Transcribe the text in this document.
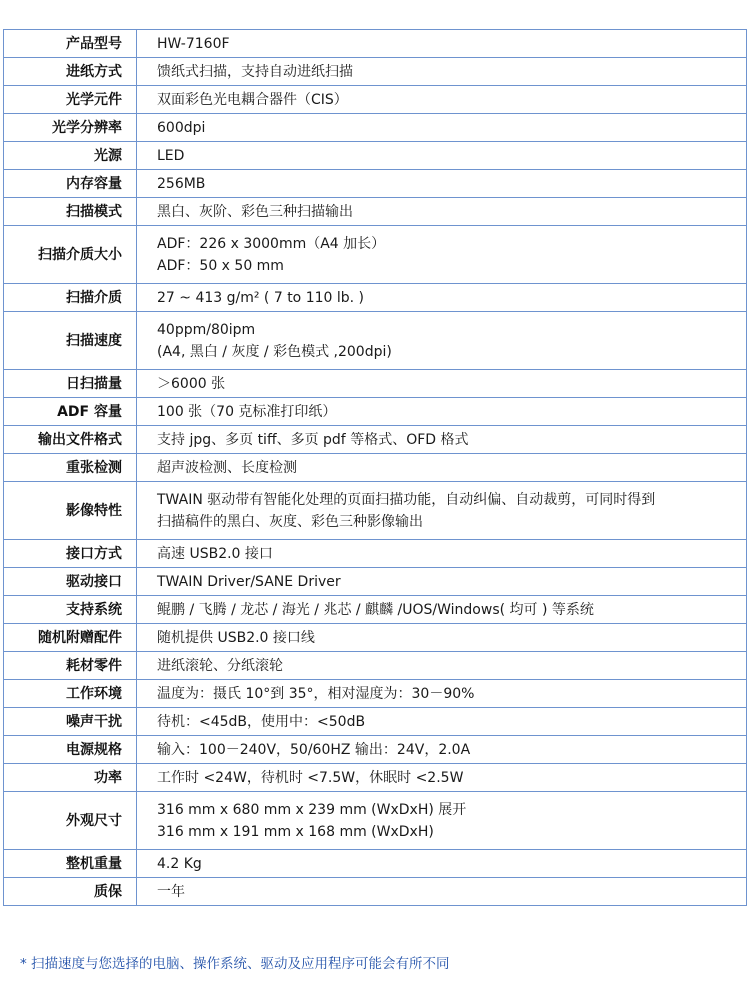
产品型号	HW-7160F

进纸方式	馈纸式扫描，支持自动进纸扫描

光学元件	双面彩色光电耦合器件（CIS）

光学分辨率	600dpi

光源	LED

内存容量	256MB

扫描模式	黑白、灰阶、彩色三种扫描输出

扫描介质大小	ADF：226 x 3000mm（A4 加长）
ADF：50 x 50 mm

扫描介质	27 ~ 413 g/m² ( 7 to 110 lb. )

扫描速度	40ppm/80ipm
(A4, 黑白 / 灰度 / 彩色模式 ,200dpi)

日扫描量	＞6000 张

ADF 容量	100 张（70 克标准打印纸）

输出文件格式	支持 jpg、多页 tiff、多页 pdf 等格式、OFD 格式

重张检测	超声波检测、长度检测

影像特性	TWAIN 驱动带有智能化处理的页面扫描功能，自动纠偏、自动裁剪，可同时得到
扫描稿件的黑白、灰度、彩色三种影像输出

接口方式	高速 USB2.0 接口

驱动接口	TWAIN Driver/SANE Driver

支持系统	鲲鹏 / 飞腾 / 龙芯 / 海光 / 兆芯 / 麒麟 /UOS/Windows( 均可 ) 等系统

随机附赠配件	随机提供 USB2.0 接口线

耗材零件	进纸滚轮、分纸滚轮

工作环境	温度为：摄氏 10°到 35°，相对湿度为：30－90%

噪声干扰	待机：<45dB，使用中：<50dB

电源规格	输入：100－240V，50/60HZ 输出：24V，2.0A

功率	工作时 <24W，待机时 <7.5W，休眠时 <2.5W

外观尺寸	316 mm x 680 mm x 239 mm (WxDxH) 展开
316 mm x 191 mm x 168 mm (WxDxH)

整机重量	4.2 Kg

质保	一年
* 扫描速度与您选择的电脑、操作系统、驱动及应用程序可能会有所不同
